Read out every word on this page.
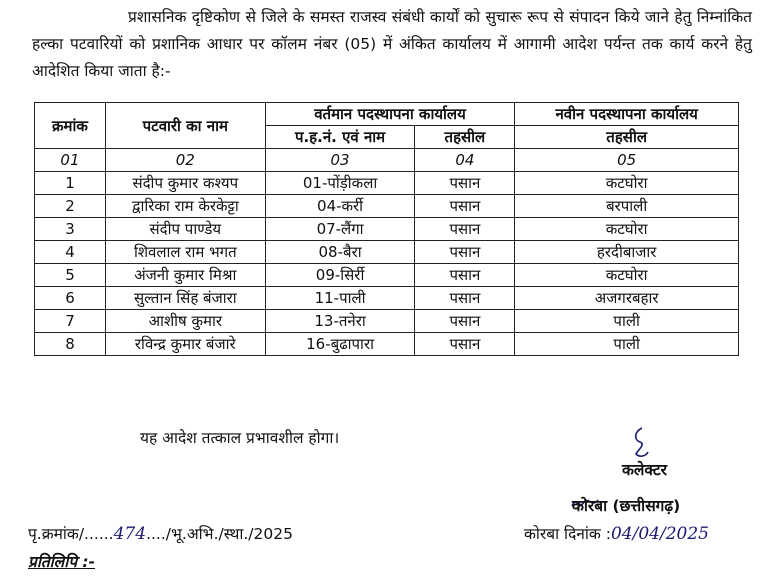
प्रशासनिक दृष्टिकोण से जिले के समस्त राजस्व संबंधी कार्यों को सुचारू रूप से संपादन किये जाने हेतु निम्नांकित हल्का पटवारियों को प्रशानिक आधार पर कॉलम नंबर (05) में अंकित कार्यालय में आगामी आदेश पर्यन्त तक कार्य करने हेतु आदेशित किया जाता है:-
क्रमांक	पटवारी का नाम	वर्तमान पदस्थापना कार्यालय		नवीन पदस्थापना कार्यालय
		प.ह.नं. एवं नाम	तहसील	तहसील
01	02	03	04	05
1	संदीप कुमार कश्यप	01-पोंड़ीकला	पसान	कटघोरा
2	द्वारिका राम केरकेट्टा	04-कर्री	पसान	बरपाली
3	संदीप पाण्डेय	07-लैंगा	पसान	कटघोरा
4	शिवलाल राम भगत	08-बैरा	पसान	हरदीबाजार
5	अंजनी कुमार मिश्रा	09-सिर्री	पसान	कटघोरा
6	सुल्तान सिंह बंजारा	11-पाली	पसान	अजगरबहार
7	आशीष कुमार	13-तनेरा	पसान	पाली
8	रविन्द्र कुमार बंजारे	16-बुढापारा	पसान	पाली
यह आदेश तत्काल प्रभावशील होगा।
कलेक्टर
कोरबा (छत्तीसगढ़)
पृ.क्रमांक/......474..../भू.अभि./स्था./2025	कोरबा दिनांक :04/04/2025
प्रतिलिपि :-
